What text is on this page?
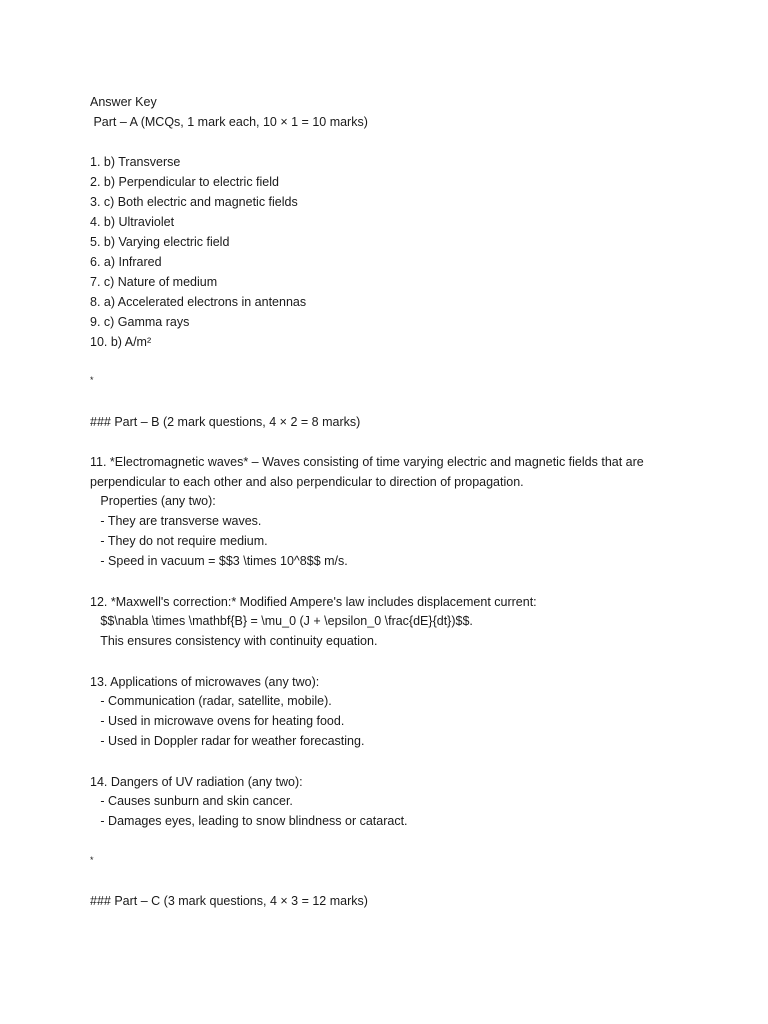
Answer Key
Part – A (MCQs, 1 mark each, 10 × 1 = 10 marks)
1. b) Transverse
2. b) Perpendicular to electric field
3. c) Both electric and magnetic fields
4. b) Ultraviolet
5. b) Varying electric field
6. a) Infrared
7. c) Nature of medium
8. a) Accelerated electrons in antennas
9. c) Gamma rays
10. b) A/m²
*
### Part – B (2 mark questions, 4 × 2 = 8 marks)
11. *Electromagnetic waves* – Waves consisting of time varying electric and magnetic fields that are
perpendicular to each other and also perpendicular to direction of propagation.
Properties (any two):
- They are transverse waves.
- They do not require medium.
- Speed in vacuum = $$3 \times 10^8$$ m/s.
12. *Maxwell's correction:* Modified Ampere's law includes displacement current:
$$\nabla \times \mathbf{B} = \mu_0 (J + \epsilon_0 \frac{dE}{dt})$$.
This ensures consistency with continuity equation.
13. Applications of microwaves (any two):
- Communication (radar, satellite, mobile).
- Used in microwave ovens for heating food.
- Used in Doppler radar for weather forecasting.
14. Dangers of UV radiation (any two):
- Causes sunburn and skin cancer.
- Damages eyes, leading to snow blindness or cataract.
*
### Part – C (3 mark questions, 4 × 3 = 12 marks)
